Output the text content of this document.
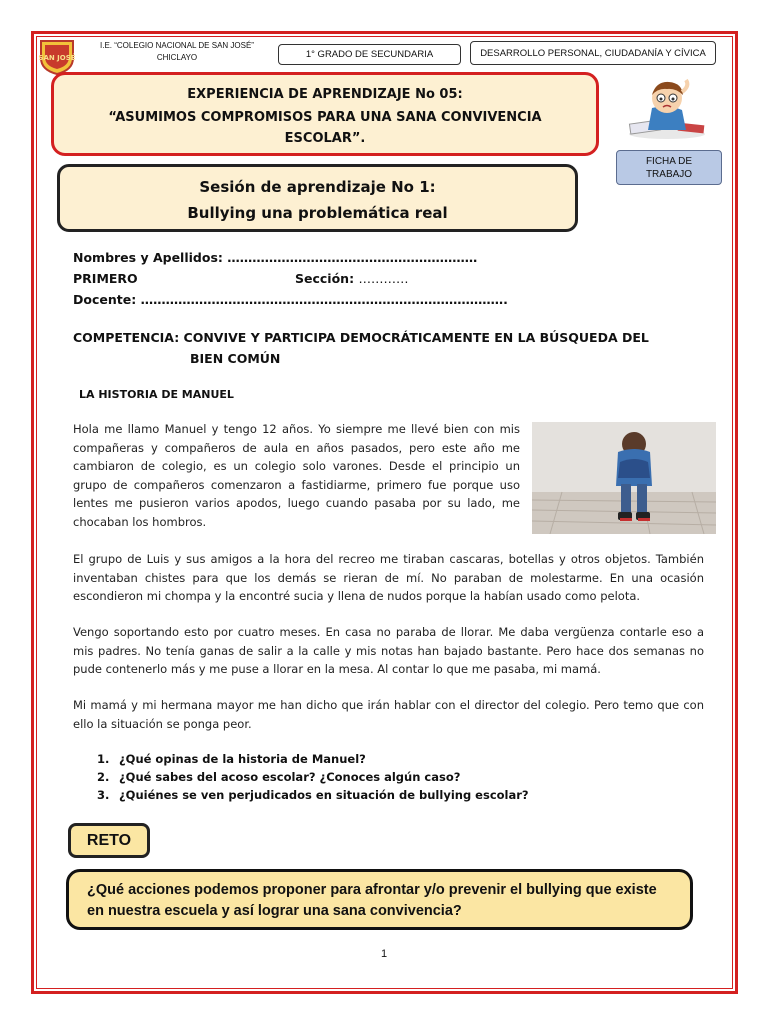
SAN JOSÉ
I.E. “COLEGIO NACIONAL DE SAN JOSÉ”
CHICLAYO	1° GRADO DE SECUNDARIA	DESARROLLO PERSONAL, CIUDADANÍA Y CÍVICA
EXPERIENCIA DE APRENDIZAJE No 05:
“ASUMIMOS COMPROMISOS PARA UNA SANA CONVIVENCIA
ESCOLAR”.
FICHA DE
TRABAJO
Sesión de aprendizaje No 1:
Bullying una problemática real
Nombres y Apellidos: ……………………………………………………
PRIMERO	Sección: …………
Docente: …………………………………………………………………………….
COMPETENCIA: CONVIVE Y PARTICIPA DEMOCRÁTICAMENTE EN LA BÚSQUEDA DEL
BIEN COMÚN
LA HISTORIA DE MANUEL
Hola me llamo Manuel y tengo 12 años. Yo siempre me llevé bien con mis compañeras y compañeros de aula en años pasados, pero este año me cambiaron de colegio, es un colegio solo varones. Desde el principio un grupo de compañeros comenzaron a fastidiarme, primero fue porque uso lentes me pusieron varios apodos, luego cuando pasaba por su lado, me chocaban los hombros.
El grupo de Luis y sus amigos a la hora del recreo me tiraban cascaras, botellas y otros objetos. También inventaban chistes para que los demás se rieran de mí. No paraban de molestarme. En una ocasión escondieron mi chompa y la encontré sucia y llena de nudos porque la habían usado como pelota.
Vengo soportando esto por cuatro meses. En casa no paraba de llorar. Me daba vergüenza contarle eso a mis padres. No tenía ganas de salir a la calle y mis notas han bajado bastante. Pero hace dos semanas no pude contenerlo más y me puse a llorar en la mesa. Al contar lo que me pasaba, mi mamá.
Mi mamá y mi hermana mayor me han dicho que irán hablar con el director del colegio. Pero temo que con ello la situación se ponga peor.
1. ¿Qué opinas de la historia de Manuel?
2. ¿Qué sabes del acoso escolar? ¿Conoces algún caso?
3. ¿Quiénes se ven perjudicados en situación de bullying escolar?
RETO
¿Qué acciones podemos proponer para afrontar y/o prevenir el bullying que existe
en nuestra escuela y así lograr una sana convivencia?
1
